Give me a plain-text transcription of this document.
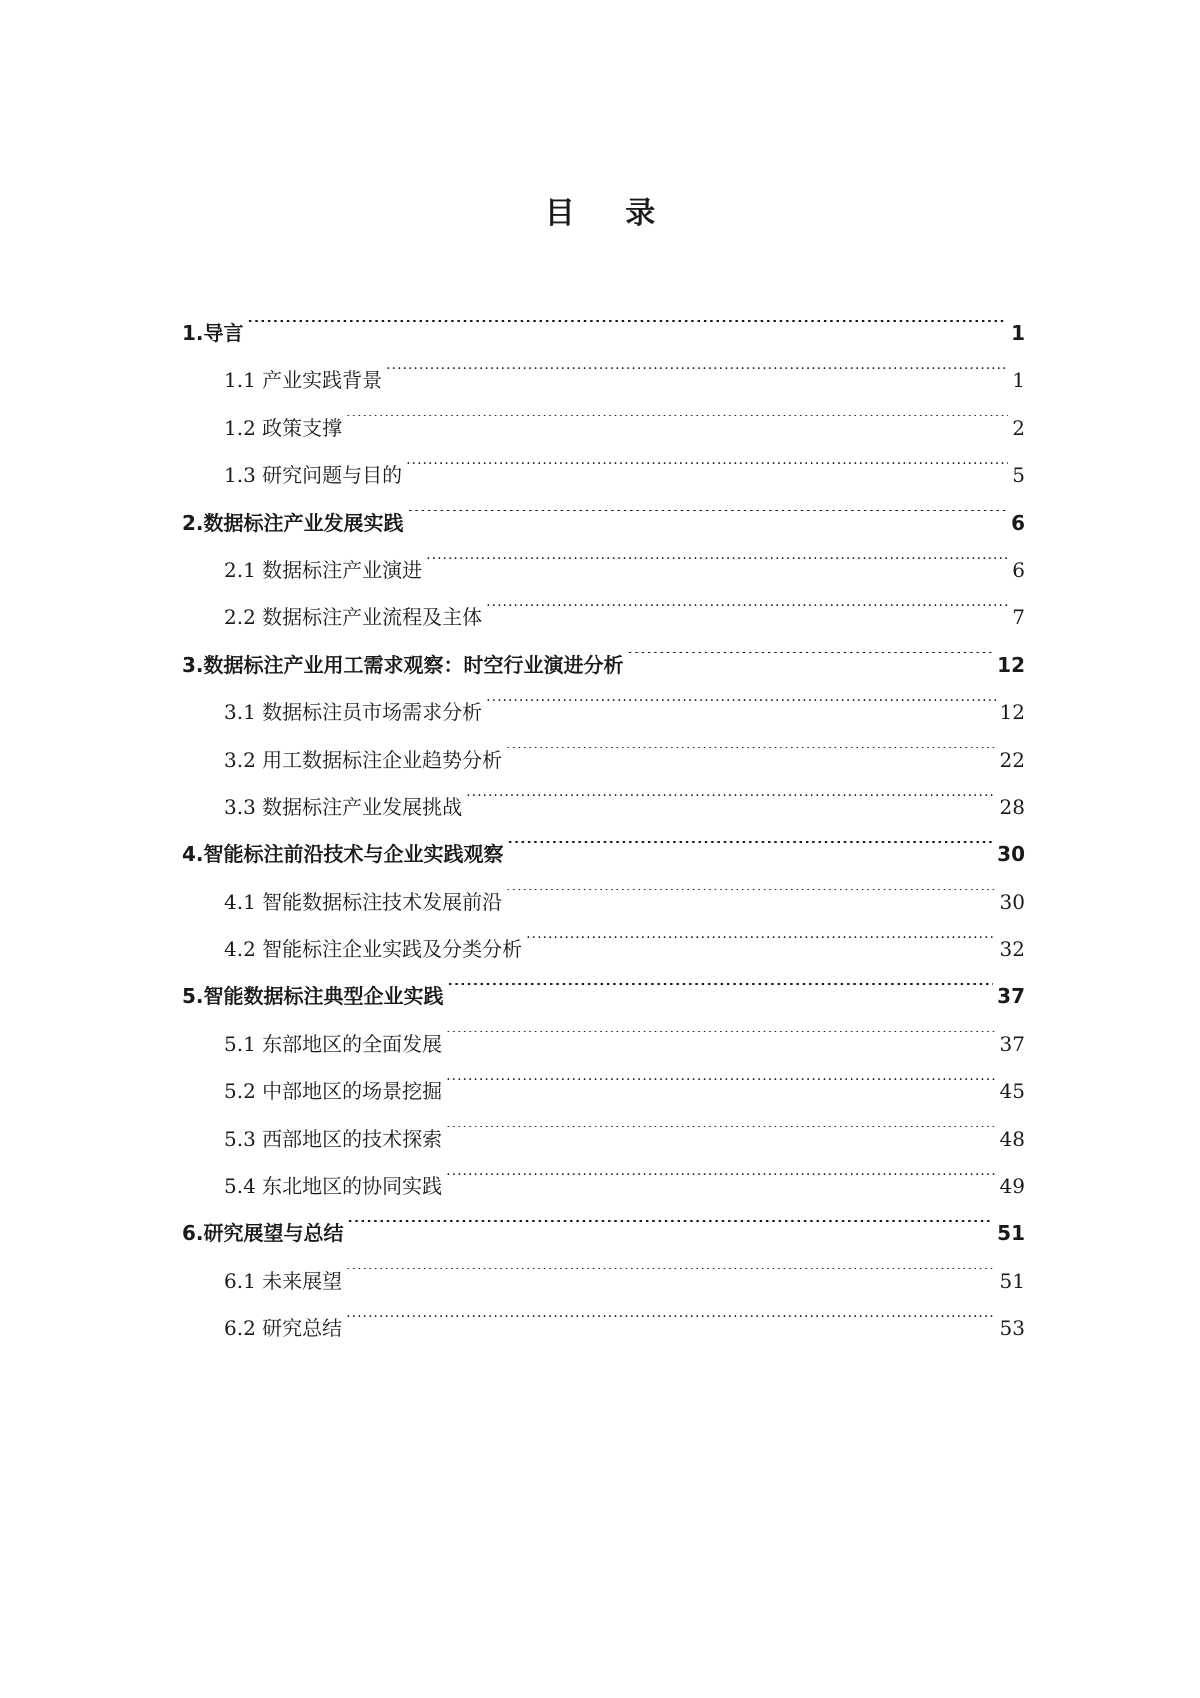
目 录
1.导言 .....	1
1.1 产业实践背景 .....	1
1.2 政策支撑 .....	2
1.3 研究问题与目的 .....	5
2.数据标注产业发展实践 .....	6
2.1 数据标注产业演进 .....	6
2.2 数据标注产业流程及主体 .....	7
3.数据标注产业用工需求观察：时空行业演进分析 .....	12
3.1 数据标注员市场需求分析 .....	12
3.2 用工数据标注企业趋势分析 .....	22
3.3 数据标注产业发展挑战 .....	28
4.智能标注前沿技术与企业实践观察 .....	30
4.1 智能数据标注技术发展前沿 .....	30
4.2 智能标注企业实践及分类分析 .....	32
5.智能数据标注典型企业实践 .....	37
5.1 东部地区的全面发展 .....	37
5.2 中部地区的场景挖掘 .....	45
5.3 西部地区的技术探索 .....	48
5.4 东北地区的协同实践 .....	49
6.研究展望与总结 .....	51
6.1 未来展望 .....	51
6.2 研究总结 .....	53
